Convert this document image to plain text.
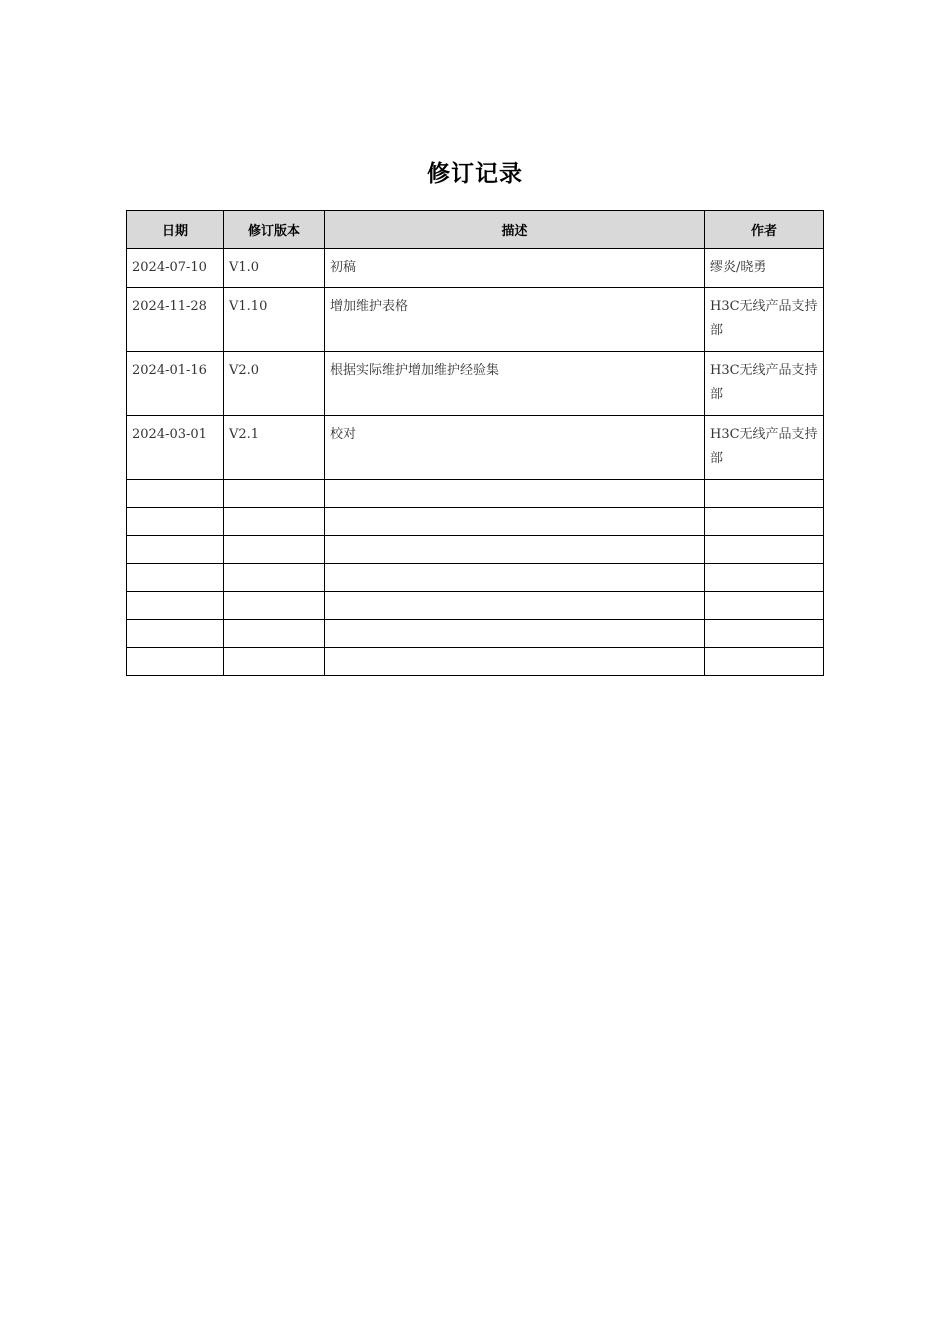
修订记录
日期	修订版本	描述	作者
2024-07-10	V1.0	初稿	缪炎/晓勇
2024-11-28	V1.10	增加维护表格	H3C无线产品支持部
2024-01-16	V2.0	根据实际维护增加维护经验集	H3C无线产品支持部
2024-03-01	V2.1	校对	H3C无线产品支持部
